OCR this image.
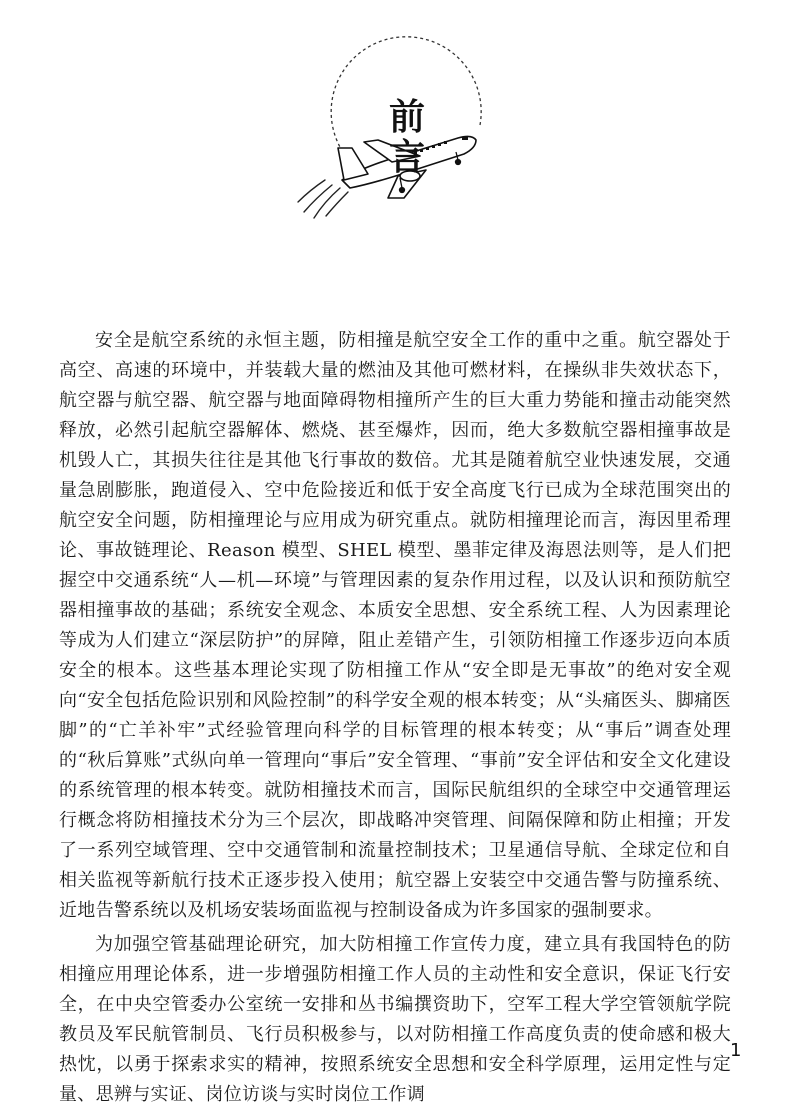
前
言

安全是航空系统的永恒主题，防相撞是航空安全工作的重中之重。航空器处于高空、高速的环境中，并装载大量的燃油及其他可燃材料，在操纵非失效状态下，航空器与航空器、航空器与地面障碍物相撞所产生的巨大重力势能和撞击动能突然释放，必然引起航空器解体、燃烧、甚至爆炸，因而，绝大多数航空器相撞事故是机毁人亡，其损失往往是其他飞行事故的数倍。尤其是随着航空业快速发展，交通量急剧膨胀，跑道侵入、空中危险接近和低于安全高度飞行已成为全球范围突出的航空安全问题，防相撞理论与应用成为研究重点。就防相撞理论而言，海因里希理论、事故链理论、Reason 模型、SHEL 模型、墨菲定律及海恩法则等，是人们把握空中交通系统“人—机—环境”与管理因素的复杂作用过程，以及认识和预防航空器相撞事故的基础；系统安全观念、本质安全思想、安全系统工程、人为因素理论等成为人们建立“深层防护”的屏障，阻止差错产生，引领防相撞工作逐步迈向本质安全的根本。这些基本理论实现了防相撞工作从“安全即是无事故”的绝对安全观向“安全包括危险识别和风险控制”的科学安全观的根本转变；从“头痛医头、脚痛医脚”的“亡羊补牢”式经验管理向科学的目标管理的根本转变；从“事后”调查处理的“秋后算账”式纵向单一管理向“事后”安全管理、“事前”安全评估和安全文化建设的系统管理的根本转变。就防相撞技术而言，国际民航组织的全球空中交通管理运行概念将防相撞技术分为三个层次，即战略冲突管理、间隔保障和防止相撞；开发了一系列空域管理、空中交通管制和流量控制技术；卫星通信导航、全球定位和自相关监视等新航行技术正逐步投入使用；航空器上安装空中交通告警与防撞系统、近地告警系统以及机场安装场面监视与控制设备成为许多国家的强制要求。

为加强空管基础理论研究，加大防相撞工作宣传力度，建立具有我国特色的防相撞应用理论体系，进一步增强防相撞工作人员的主动性和安全意识，保证飞行安全，在中央空管委办公室统一安排和丛书编撰资助下，空军工程大学空管领航学院教员及军民航管制员、飞行员积极参与，以对防相撞工作高度负责的使命感和极大热忱，以勇于探索求实的精神，按照系统安全思想和安全科学原理，运用定性与定量、思辨与实证、岗位访谈与实时岗位工作调

1
